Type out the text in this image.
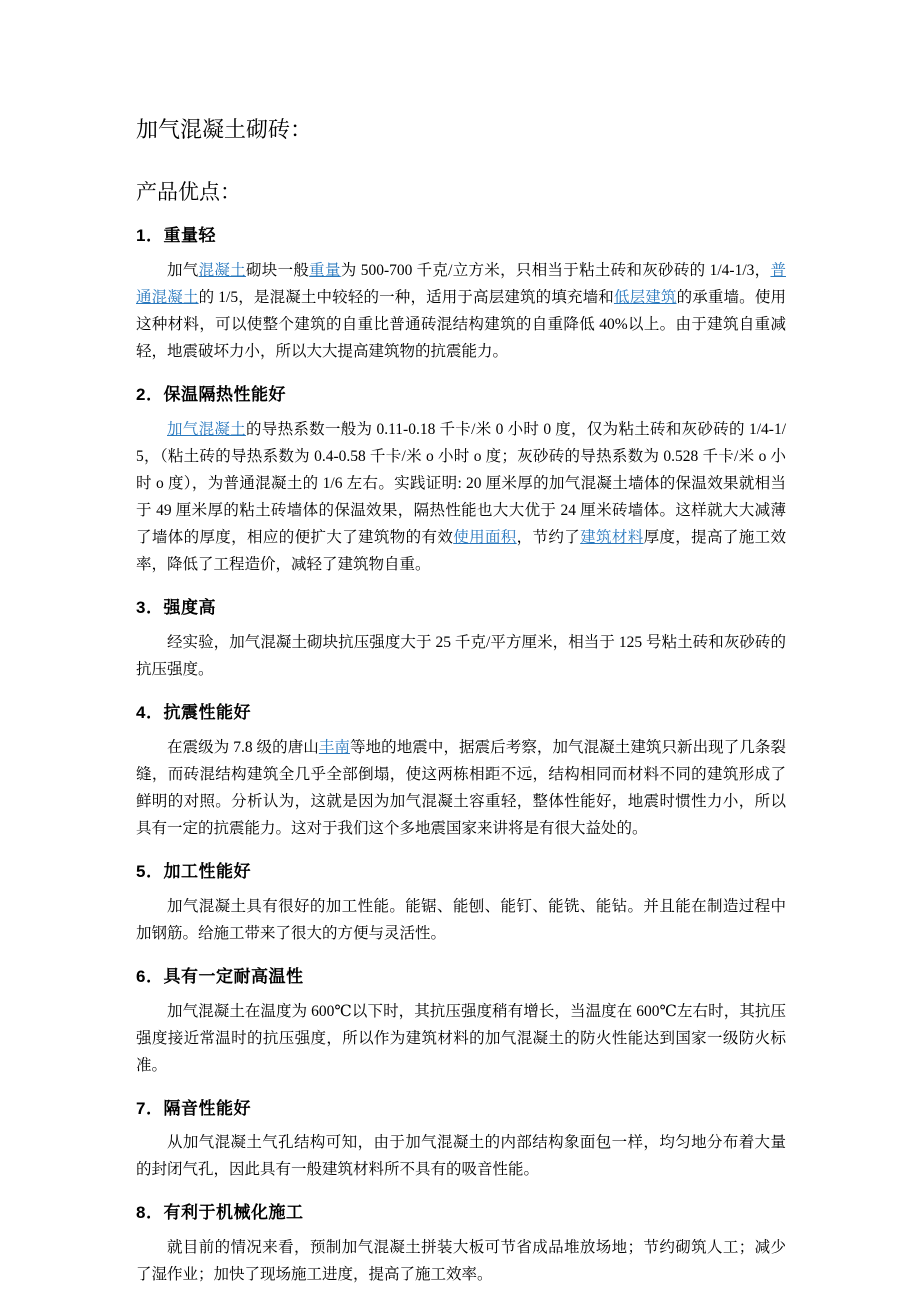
加气混凝土砌砖：
产品优点：
1．重量轻

加气混凝土砌块一般重量为 500-700 千克/立方米，只相当于粘土砖和灰砂砖的 1/4-1/3，普通混凝土的 1/5，是混凝土中较轻的一种，适用于高层建筑的填充墙和低层建筑的承重墙。使用这种材料，可以使整个建筑的自重比普通砖混结构建筑的自重降低 40%以上。由于建筑自重减轻，地震破坏力小，所以大大提高建筑物的抗震能力。

2．保温隔热性能好

加气混凝土的导热系数一般为 0.11-0.18 千卡/米 0 小时 0 度，仅为粘土砖和灰砂砖的 1/4-1/5，（粘土砖的导热系数为 0.4-0.58 千卡/米 o 小时 o 度；灰砂砖的导热系数为 0.528 千卡/米 o 小时 o 度），为普通混凝土的 1/6 左右。实践证明: 20 厘米厚的加气混凝土墙体的保温效果就相当于 49 厘米厚的粘土砖墙体的保温效果，隔热性能也大大优于 24 厘米砖墙体。这样就大大减薄了墙体的厚度，相应的便扩大了建筑物的有效使用面积，节约了建筑材料厚度，提高了施工效率，降低了工程造价，减轻了建筑物自重。

3．强度高

经实验，加气混凝土砌块抗压强度大于 25 千克/平方厘米，相当于 125 号粘土砖和灰砂砖的抗压强度。

4．抗震性能好

在震级为 7.8 级的唐山丰南等地的地震中，据震后考察，加气混凝土建筑只新出现了几条裂缝，而砖混结构建筑全几乎全部倒塌，使这两栋相距不远，结构相同而材料不同的建筑形成了鲜明的对照。分析认为，这就是因为加气混凝土容重轻，整体性能好，地震时惯性力小，所以具有一定的抗震能力。这对于我们这个多地震国家来讲将是有很大益处的。

5．加工性能好

加气混凝土具有很好的加工性能。能锯、能刨、能钉、能铣、能钻。并且能在制造过程中加钢筋。给施工带来了很大的方便与灵活性。

6．具有一定耐高温性

加气混凝土在温度为 600℃以下时，其抗压强度稍有增长，当温度在 600℃左右时，其抗压强度接近常温时的抗压强度，所以作为建筑材料的加气混凝土的防火性能达到国家一级防火标准。

7．隔音性能好

从加气混凝土气孔结构可知，由于加气混凝土的内部结构象面包一样，均匀地分布着大量的封闭气孔，因此具有一般建筑材料所不具有的吸音性能。

8．有利于机械化施工

就目前的情况来看，预制加气混凝土拼装大板可节省成品堆放场地；节约砌筑人工；减少了湿作业；加快了现场施工进度，提高了施工效率。
